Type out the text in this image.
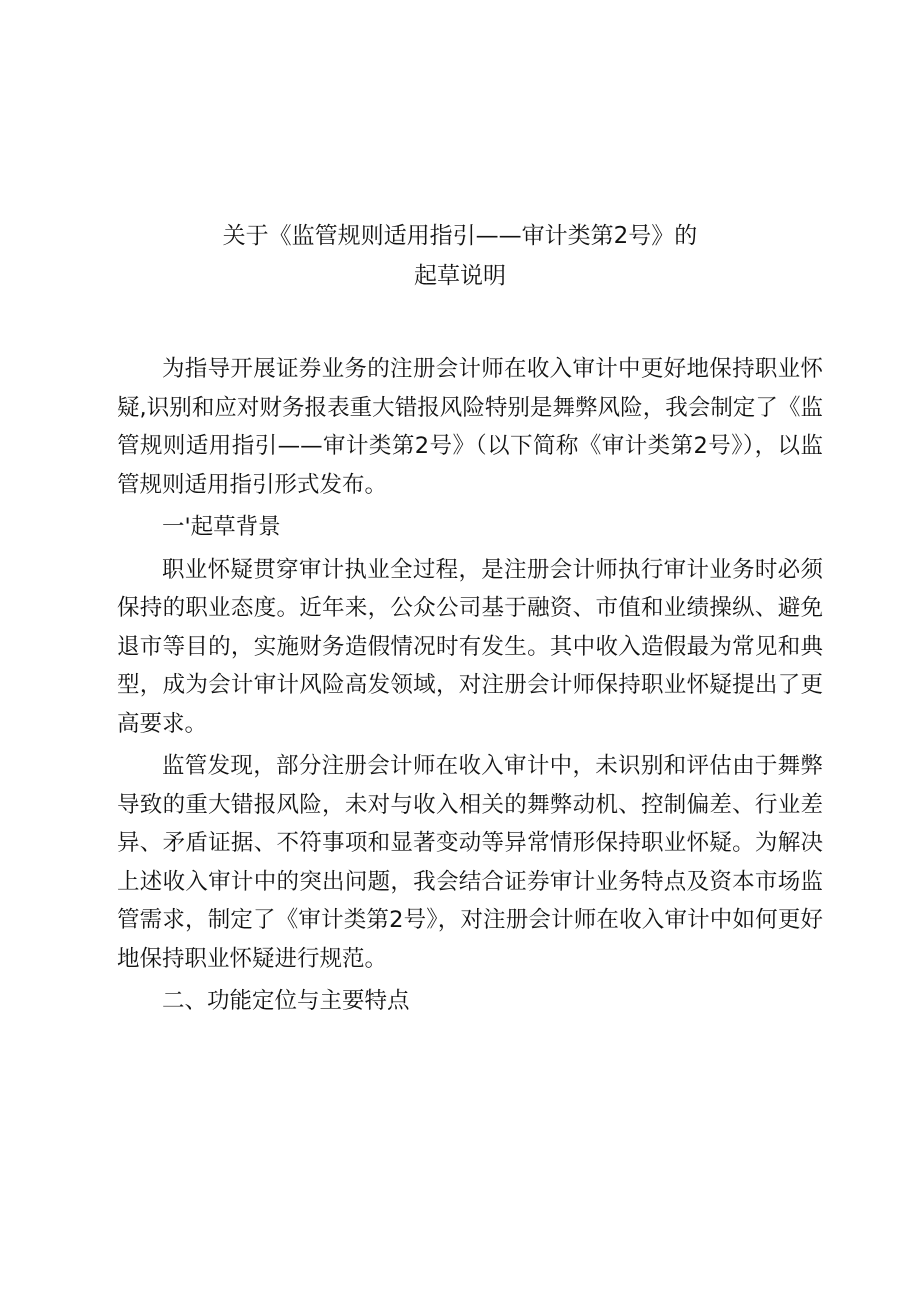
关于《监管规则适用指引——审计类第2号》的
起草说明

为指导开展证券业务的注册会计师在收入审计中更好地保持职业怀疑,识别和应对财务报表重大错报风险特别是舞弊风险，我会制定了《监管规则适用指引——审计类第2号》（以下简称《审计类第2号》），以监管规则适用指引形式发布。

一'起草背景

职业怀疑贯穿审计执业全过程，是注册会计师执行审计业务时必须保持的职业态度。近年来，公众公司基于融资、市值和业绩操纵、避免退市等目的，实施财务造假情况时有发生。其中收入造假最为常见和典型，成为会计审计风险高发领域，对注册会计师保持职业怀疑提出了更高要求。

监管发现，部分注册会计师在收入审计中，未识别和评估由于舞弊导致的重大错报风险，未对与收入相关的舞弊动机、控制偏差、行业差异、矛盾证据、不符事项和显著变动等异常情形保持职业怀疑。为解决上述收入审计中的突出问题，我会结合证券审计业务特点及资本市场监管需求，制定了《审计类第2号》，对注册会计师在收入审计中如何更好地保持职业怀疑进行规范。

二、功能定位与主要特点
